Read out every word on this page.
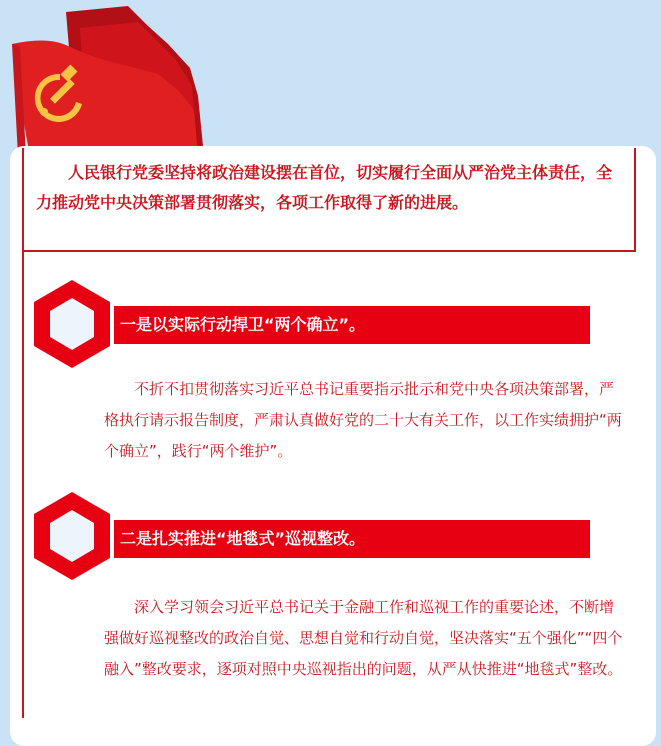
人民银行党委坚持将政治建设摆在首位，切实履行全面从严治党主体责任，全力推动党中央决策部署贯彻落实，各项工作取得了新的进展。
一是以实际行动捍卫“两个确立”。
不折不扣贯彻落实习近平总书记重要指示批示和党中央各项决策部署，严格执行请示报告制度，严肃认真做好党的二十大有关工作，以工作实绩拥护“两个确立”，践行“两个维护”。
二是扎实推进“地毯式”巡视整改。
深入学习领会习近平总书记关于金融工作和巡视工作的重要论述，不断增强做好巡视整改的政治自觉、思想自觉和行动自觉，坚决落实“五个强化”“四个融入”整改要求，逐项对照中央巡视指出的问题，从严从快推进“地毯式”整改。
